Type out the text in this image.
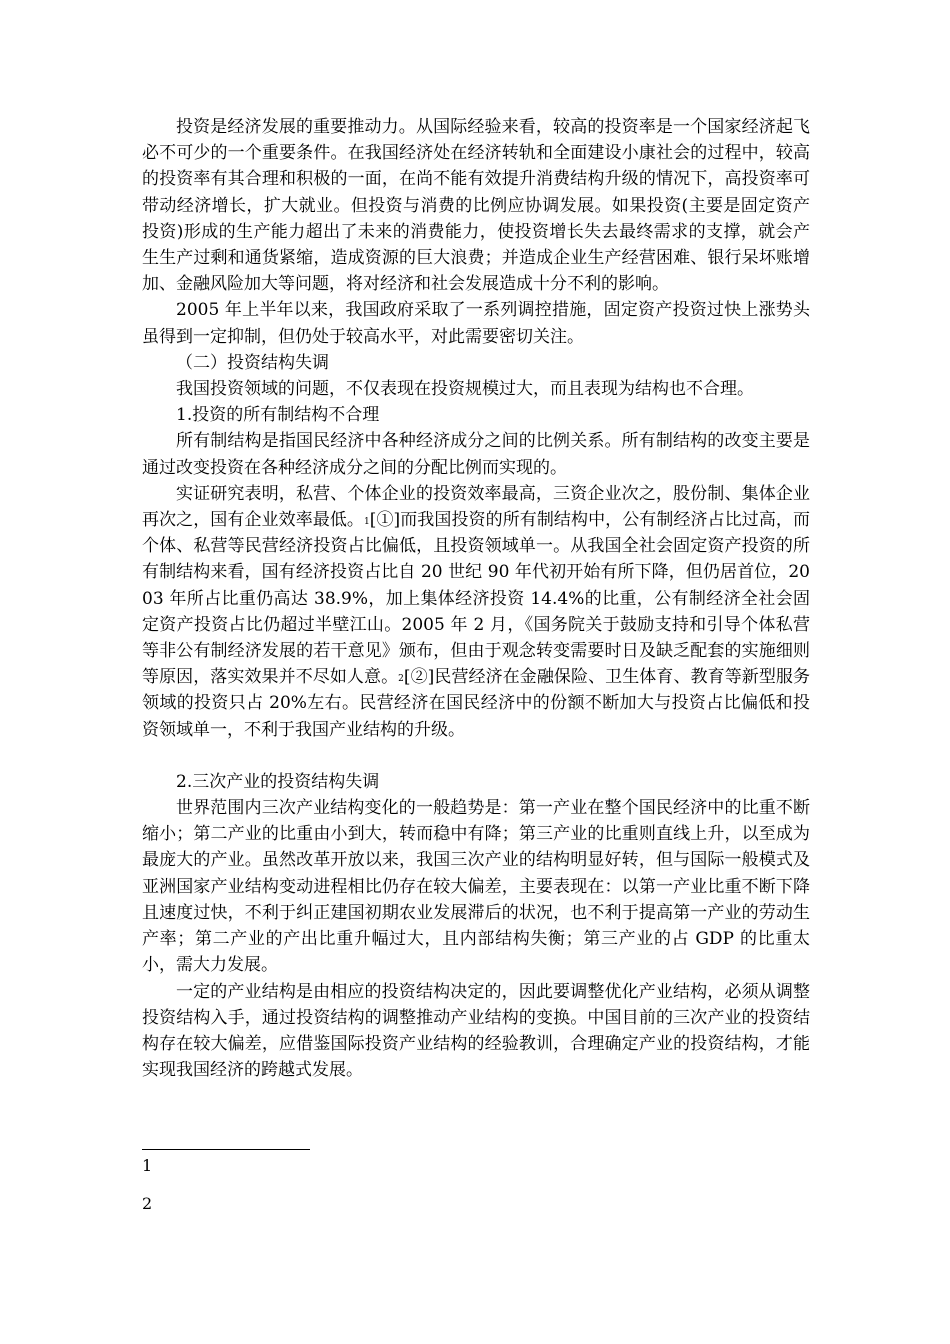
投资是经济发展的重要推动力。从国际经验来看，较高的投资率是一个国家经济起飞必不可少的一个重要条件。在我国经济处在经济转轨和全面建设小康社会的过程中，较高的投资率有其合理和积极的一面，在尚不能有效提升消费结构升级的情况下，高投资率可带动经济增长，扩大就业。但投资与消费的比例应协调发展。如果投资(主要是固定资产投资)形成的生产能力超出了未来的消费能力，使投资增长失去最终需求的支撑，就会产生生产过剩和通货紧缩，造成资源的巨大浪费；并造成企业生产经营困难、银行呆坏账增加、金融风险加大等问题，将对经济和社会发展造成十分不利的影响。

2005 年上半年以来，我国政府采取了一系列调控措施，固定资产投资过快上涨势头虽得到一定抑制，但仍处于较高水平，对此需要密切关注。

（二）投资结构失调

我国投资领域的问题，不仅表现在投资规模过大，而且表现为结构也不合理。

1.投资的所有制结构不合理

所有制结构是指国民经济中各种经济成分之间的比例关系。所有制结构的改变主要是通过改变投资在各种经济成分之间的分配比例而实现的。

实证研究表明，私营、个体企业的投资效率最高，三资企业次之，股份制、集体企业再次之，国有企业效率最低。$^1$[①]而我国投资的所有制结构中，公有制经济占比过高，而个体、私营等民营经济投资占比偏低，且投资领域单一。从我国全社会固定资产投资的所有制结构来看，国有经济投资占比自 20 世纪 90 年代初开始有所下降，但仍居首位，2003 年所占比重仍高达 38.9%，加上集体经济投资 14.4%的比重，公有制经济全社会固定资产投资占比仍超过半壁江山。2005 年 2 月，《国务院关于鼓励支持和引导个体私营等非公有制经济发展的若干意见》颁布，但由于观念转变需要时日及缺乏配套的实施细则等原因，落实效果并不尽如人意。$^2$[②]民营经济在金融保险、卫生体育、教育等新型服务领域的投资只占 20%左右。民营经济在国民经济中的份额不断加大与投资占比偏低和投资领域单一，不利于我国产业结构的升级。

2.三次产业的投资结构失调

世界范围内三次产业结构变化的一般趋势是：第一产业在整个国民经济中的比重不断缩小；第二产业的比重由小到大，转而稳中有降；第三产业的比重则直线上升，以至成为最庞大的产业。虽然改革开放以来，我国三次产业的结构明显好转，但与国际一般模式及亚洲国家产业结构变动进程相比仍存在较大偏差，主要表现在：以第一产业比重不断下降且速度过快，不利于纠正建国初期农业发展滞后的状况，也不利于提高第一产业的劳动生产率；第二产业的产出比重升幅过大，且内部结构失衡；第三产业的占 GDP 的比重太小，需大力发展。

一定的产业结构是由相应的投资结构决定的，因此要调整优化产业结构，必须从调整投资结构入手，通过投资结构的调整推动产业结构的变换。中国目前的三次产业的投资结构存在较大偏差，应借鉴国际投资产业结构的经验教训，合理确定产业的投资结构，才能实现我国经济的跨越式发展。

1

2
